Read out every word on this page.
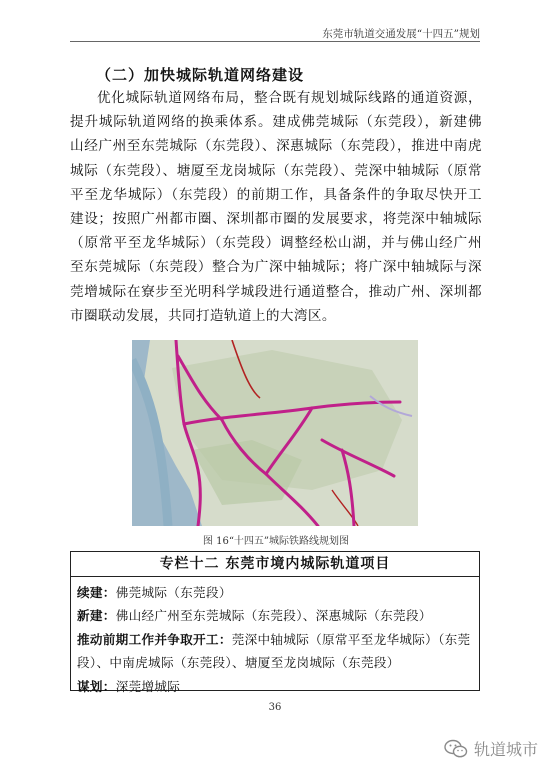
东莞市轨道交通发展“十四五”规划
（二）加快城际轨道网络建设

优化城际轨道网络布局，整合既有规划城际线路的通道资源，提升城际轨道网络的换乘体系。建成佛莞城际（东莞段），新建佛山经广州至东莞城际（东莞段）、深惠城际（东莞段），推进中南虎城际（东莞段）、塘厦至龙岗城际（东莞段）、莞深中轴城际（原常平至龙华城际）（东莞段）的前期工作，具备条件的争取尽快开工建设；按照广州都市圈、深圳都市圈的发展要求，将莞深中轴城际（原常平至龙华城际）（东莞段）调整经松山湖，并与佛山经广州至东莞城际（东莞段）整合为广深中轴城际；将广深中轴城际与深莞增城际在寮步至光明科学城段进行通道整合，推动广州、深圳都市圈联动发展，共同打造轨道上的大湾区。

图 16“十四五”城际铁路线规划图
专栏十二 东莞市境内城际轨道项目
续建：佛莞城际（东莞段）
新建：佛山经广州至东莞城际（东莞段）、深惠城际（东莞段）
推动前期工作并争取开工：莞深中轴城际（原常平至龙华城际）（东莞段）、中南虎城际（东莞段）、塘厦至龙岗城际（东莞段）
谋划：深莞增城际
36
轨道城市
